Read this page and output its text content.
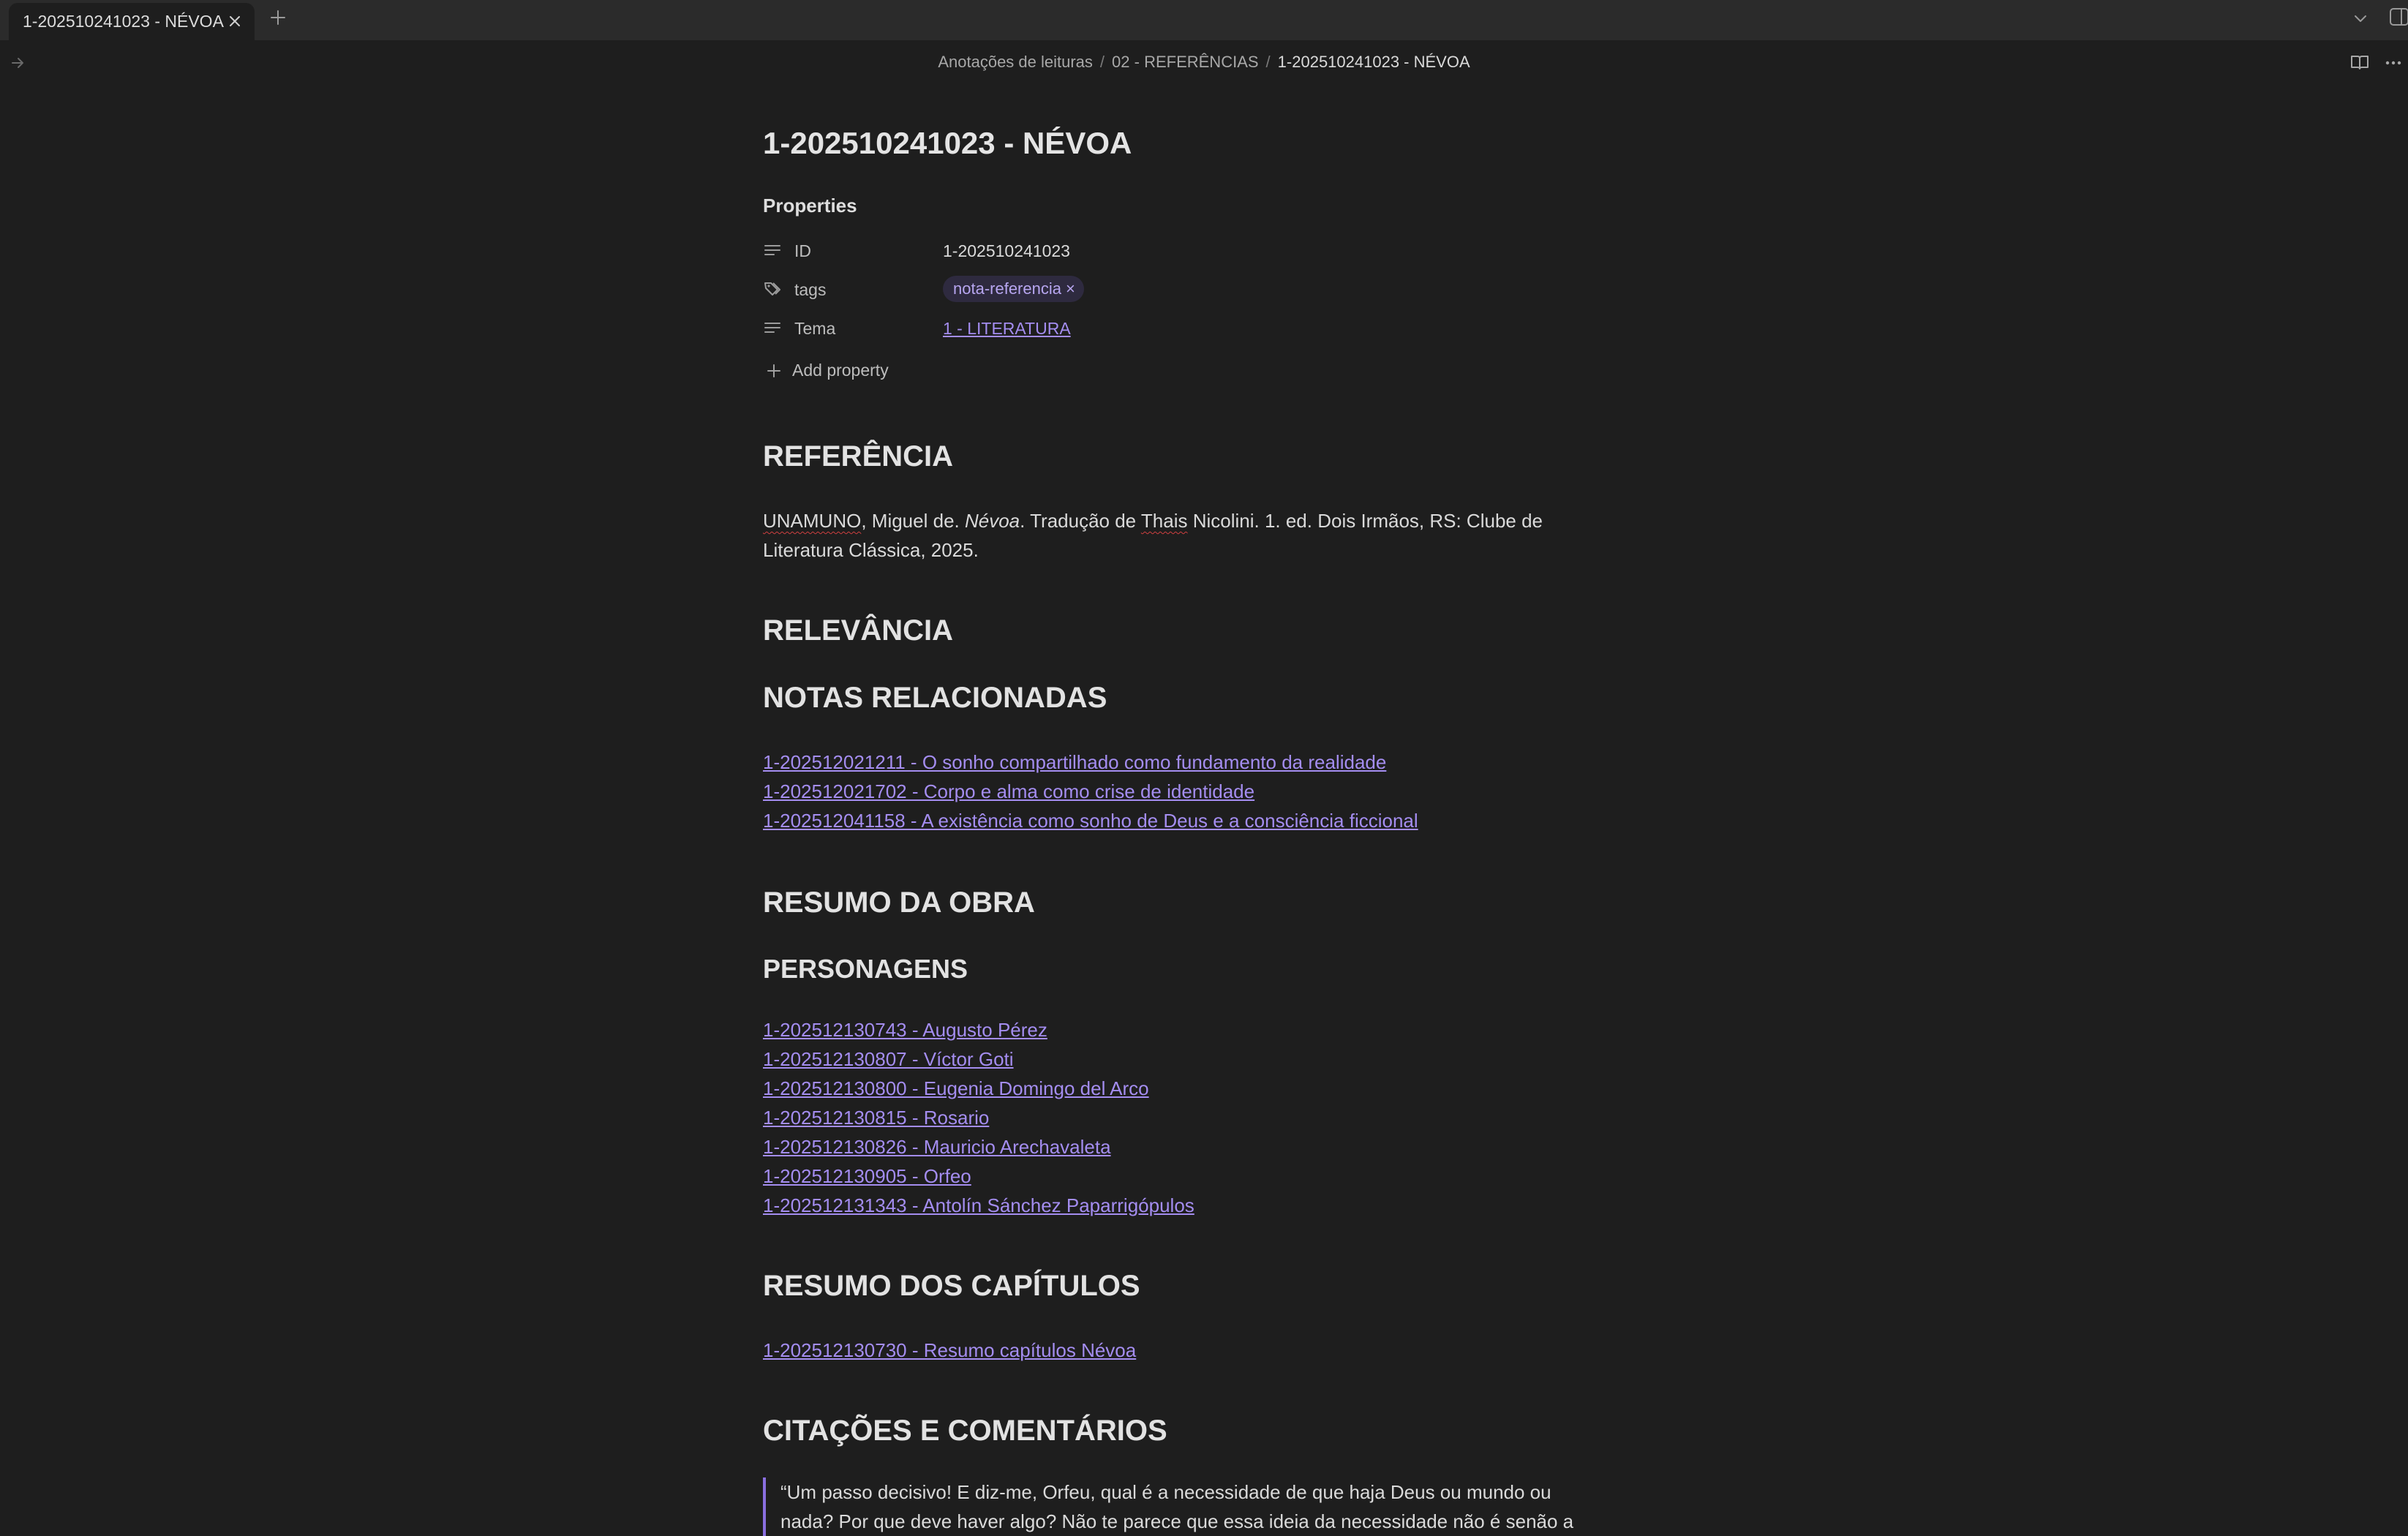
1-202510241023 - NÉVOA
Anotações de leituras / 02 - REFERÊNCIAS / 1-202510241023 - NÉVOA
1-202510241023 - NÉVOA
Properties
ID	1-202510241023
tags	nota-referencia ×
Tema	1 - LITERATURA
Add property
REFERÊNCIA
UNAMUNO, Miguel de. Névoa. Tradução de Thais Nicolini. 1. ed. Dois Irmãos, RS: Clube de Literatura Clássica, 2025.
RELEVÂNCIA
NOTAS RELACIONADAS
1-202512021211 - O sonho compartilhado como fundamento da realidade
1-202512021702 - Corpo e alma como crise de identidade
1-202512041158 - A existência como sonho de Deus e a consciência ficcional
RESUMO DA OBRA
PERSONAGENS
1-202512130743 - Augusto Pérez
1-202512130807 - Víctor Goti
1-202512130800 - Eugenia Domingo del Arco
1-202512130815 - Rosario
1-202512130826 - Mauricio Arechavaleta
1-202512130905 - Orfeo
1-202512131343 - Antolín Sánchez Paparrigópulos
RESUMO DOS CAPÍTULOS
1-202512130730 - Resumo capítulos Névoa
CITAÇÕES E COMENTÁRIOS
“Um passo decisivo! E diz-me, Orfeu, qual é a necessidade de que haja Deus ou mundo ou nada? Por que deve haver algo? Não te parece que essa ideia da necessidade não é senão a
